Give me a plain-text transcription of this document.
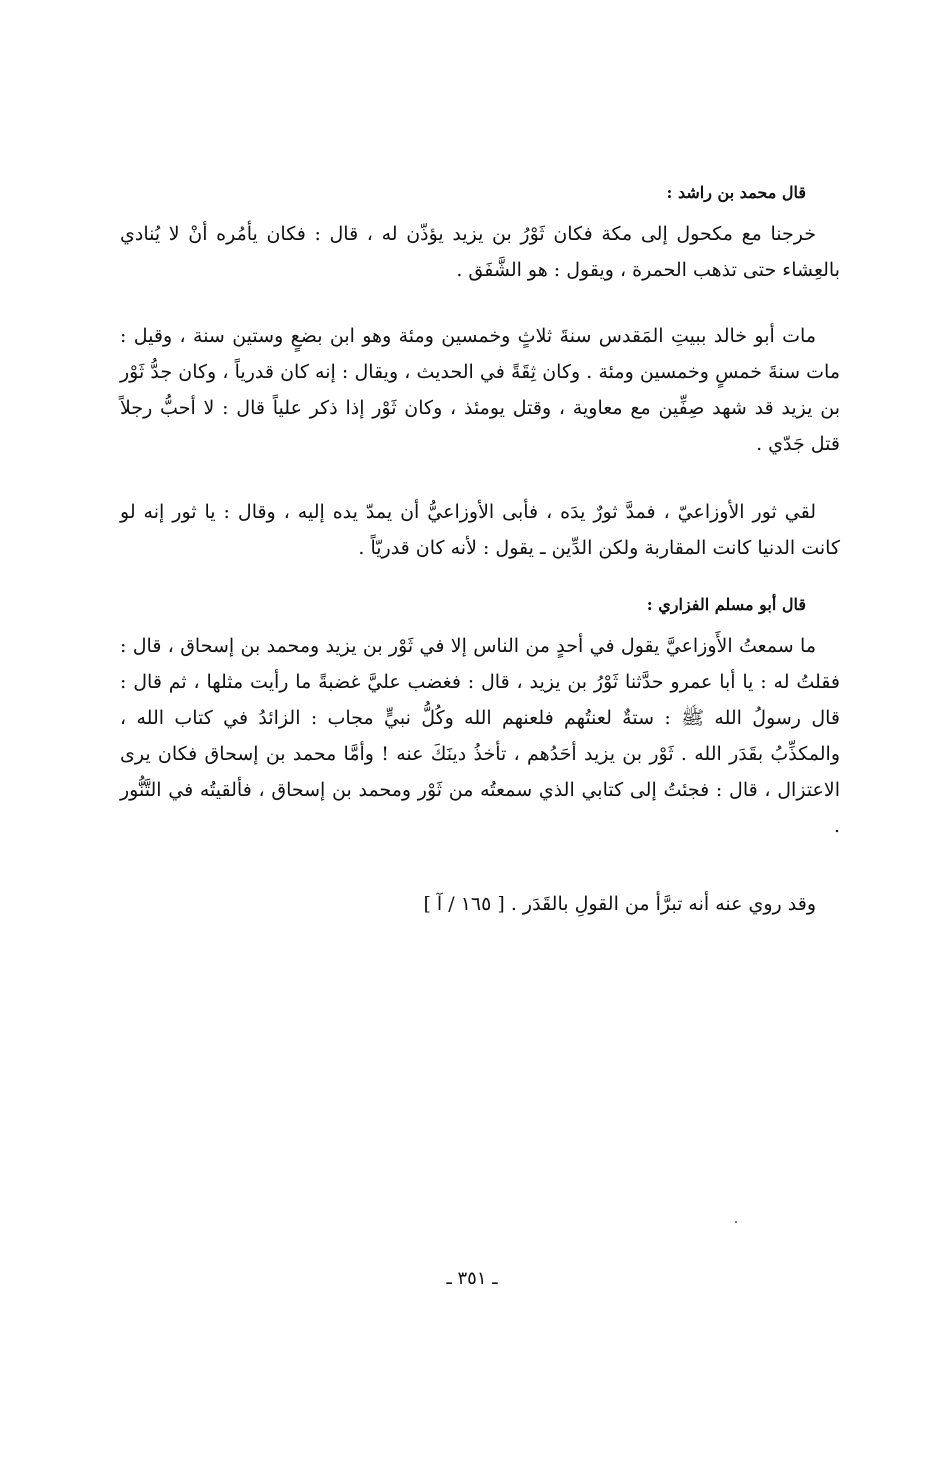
قال محمد بن راشد :

خرجنا مع مكحول إلى مكة فكان ثَوْرُ بن يزيد يؤذّن له ، قال : فكان يأمُره أنْ لا يُنادي بالعِشاء حتى تذهب الحمرة ، ويقول : هو الشَّفَق .

مات أبو خالد ببيتِ المَقدس سنةَ ثلاثٍ وخمسين ومئة وهو ابن بضعٍ وستين سنة ، وقيل : مات سنةَ خمسٍ وخمسين ومئة . وكان ثِقَةً في الحديث ، ويقال : إنه كان قدرياً ، وكان جدُّ ثَوْر بن يزيد قد شهد صِفِّين مع معاوية ، وقتل يومئذ ، وكان ثَوْر إذا ذكر علياً قال : لا أحبُّ رجلاً قتل جَدّي .

لقي ثور الأوزاعيّ ، فمدَّ ثورٌ يدَه ، فأبى الأوزاعيُّ أن يمدّ يده إليه ، وقال : يا ثور إنه لو كانت الدنيا كانت المقاربة ولكن الدِّين ـ يقول : لأنه كان قدريّاً .

قال أبو مسلم الفزاري :

ما سمعتُ الأَوزاعيَّ يقول في أحدٍ من الناس إلا في ثَوْر بن يزيد ومحمد بن إسحاق ، قال : فقلتُ له : يا أبا عمرو حدَّثنا ثَوْرُ بن يزيد ، قال : فغضب عليَّ غضبةً ما رأيت مثلها ، ثم قال : قال رسولُ الله ﷺ : ستةٌ لعنتُهم فلعنهم الله وكُلُّ نبيٍّ مجاب : الزائدُ في كتاب الله ، والمكذِّبُ بقَدَر الله . ثَوْر بن يزيد أحَدُهم ، تأخذُ دينَكَ عنه ! وأمَّا محمد بن إسحاق فكان يرى الاعتزال ، قال : فجئتُ إلى كتابي الذي سمعتُه من ثَوْر ومحمد بن إسحاق ، فألقيتُه في التَّنُّور .

وقد روي عنه أنه تبرَّأ من القولِ بالقَدَر . [ ١٦٥ / آ ]

ـ ٣٥١ ـ
